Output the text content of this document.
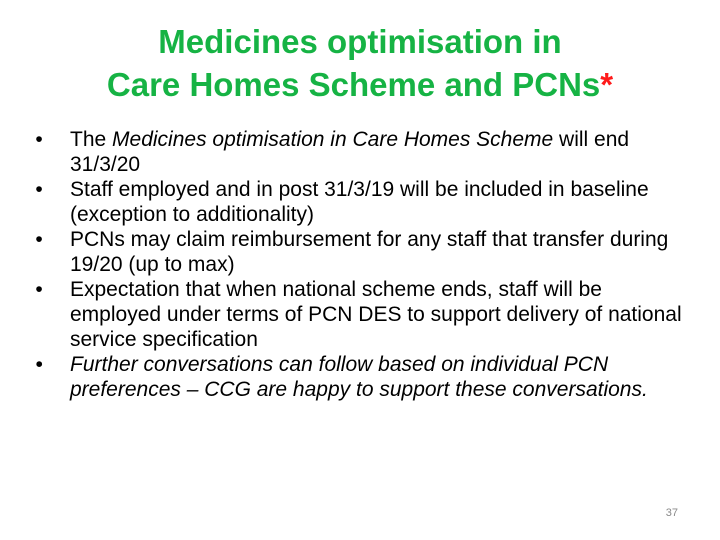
Medicines optimisation in
Care Homes Scheme and PCNs*
• The Medicines optimisation in Care Homes Scheme will end 31/3/20
• Staff employed and in post 31/3/19 will be included in baseline (exception to additionality)
• PCNs may claim reimbursement for any staff that transfer during 19/20 (up to max)
• Expectation that when national scheme ends, staff will be employed under terms of PCN DES to support delivery of national service specification
• Further conversations can follow based on individual PCN preferences – CCG are happy to support these conversations.
37
